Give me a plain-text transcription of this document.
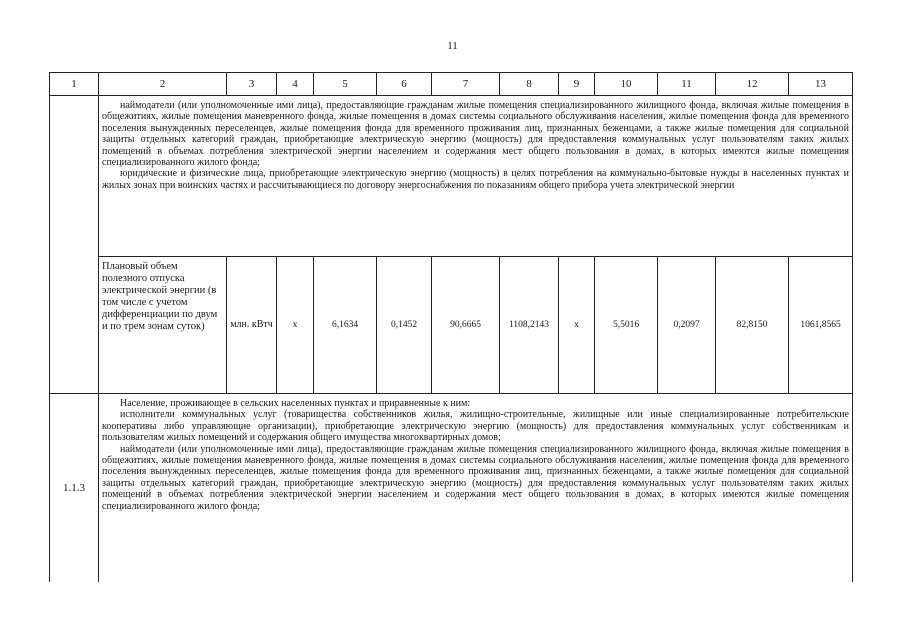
11
1	2	3	4	5	6	7	8	9	10	11	12	13

	наймодатели (или уполномоченные ими лица), предоставляющие гражданам жилые помещения специализированного жилищного фонда, включая жилые помещения в общежитиях, жилые помещения маневренного фонда, жилые помещения в домах системы социального обслуживания населения, жилые помещения фонда для временного поселения вынужденных переселенцев, жилые помещения фонда для временного проживания лиц, признанных беженцами, а также жилые помещения для социальной защиты отдельных категорий граждан, приобретающие электрическую энергию (мощность) для предоставления коммунальных услуг пользователям таких жилых помещений в объемах потребления электрической энергии населением и содержания мест общего пользования в домах, в которых имеются жилые помещения специализированного жилого фонда;

юридические и физические лица, приобретающие электрическую энергию (мощность) в целях потребления на коммунально-бытовые нужды в населенных пунктах и жилых зонах при воинских частях и рассчитывающиеся по договору энергоснабжения по показаниям общего прибора учета электрической энергии											

	Плановый объем полезного отпуска электрической энергии (в том числе с учетом дифференциации по двум и по трем зонам суток)	млн. кВтч	х	6,1634	0,1452	90,6665	1108,2143	х	5,5016	0,2097	82,8150	1061,8565
1.1.3	Население, проживающее в сельских населенных пунктах и приравненные к ним:

исполнители коммунальных услуг (товарищества собственников жилья, жилищно-строительные, жилищные или иные специализированные потребительские кооперативы либо управляющие организации), приобретающие электрическую энергию (мощность) для предоставления коммунальных услуг собственникам и пользователям жилых помещений и содержания общего имущества многоквартирных домов;

наймодатели (или уполномоченные ими лица), предоставляющие гражданам жилые помещения специализированного жилищного фонда, включая жилые помещения в общежитиях, жилые помещения маневренного фонда, жилые помещения в домах системы социального обслуживания населения, жилые помещения фонда для временного поселения вынужденных переселенцев, жилые помещения фонда для временного проживания лиц, признанных беженцами, а также жилые помещения для социальной защиты отдельных категорий граждан, приобретающие электрическую энергию (мощность) для предоставления коммунальных услуг пользователям таких жилых помещений в объемах потребления электрической энергии населением и содержания мест общего пользования в домах, в которых имеются жилые помещения специализированного жилого фонда;											
